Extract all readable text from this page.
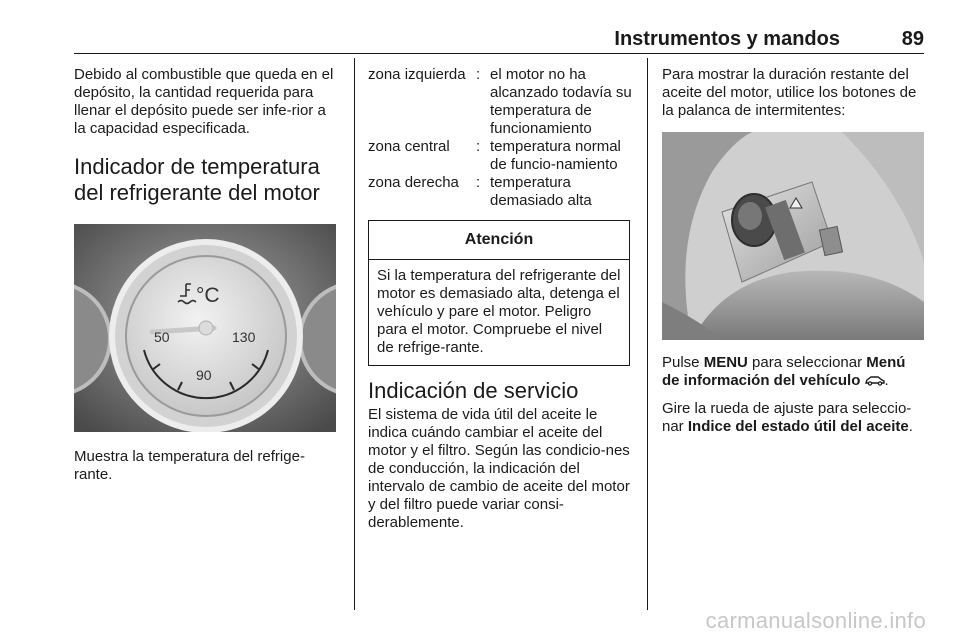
Instrumentos y mandos	89

Debido al combustible que queda en el depósito, la cantidad requerida para llenar el depósito puede ser infe-rior a la capacidad especificada.

Indicador de temperatura del refrigerante del motor
°C
50
90
130

Muestra la temperatura del refrige-rante.

zona izquierda : el motor no ha alcanzado todavía su temperatura de funcionamiento
zona central	: temperatura normal de funcio-namiento
zona derecha	: temperatura demasiado alta
Atención
Si la temperatura del refrigerante del motor es demasiado alta, detenga el vehículo y pare el motor. Peligro para el motor. Compruebe el nivel de refrige-rante.
Indicación de servicio

El sistema de vida útil del aceite le indica cuándo cambiar el aceite del motor y el filtro. Según las condicio-nes de conducción, la indicación del intervalo de cambio de aceite del motor y del filtro puede variar consi-derablemente.

Para mostrar la duración restante del aceite del motor, utilice los botones de la palanca de intermitentes:

Pulse MENU para seleccionar Menú de información del vehículo .

Gire la rueda de ajuste para seleccio-nar Indice del estado útil del aceite.

carmanualsonline.info
